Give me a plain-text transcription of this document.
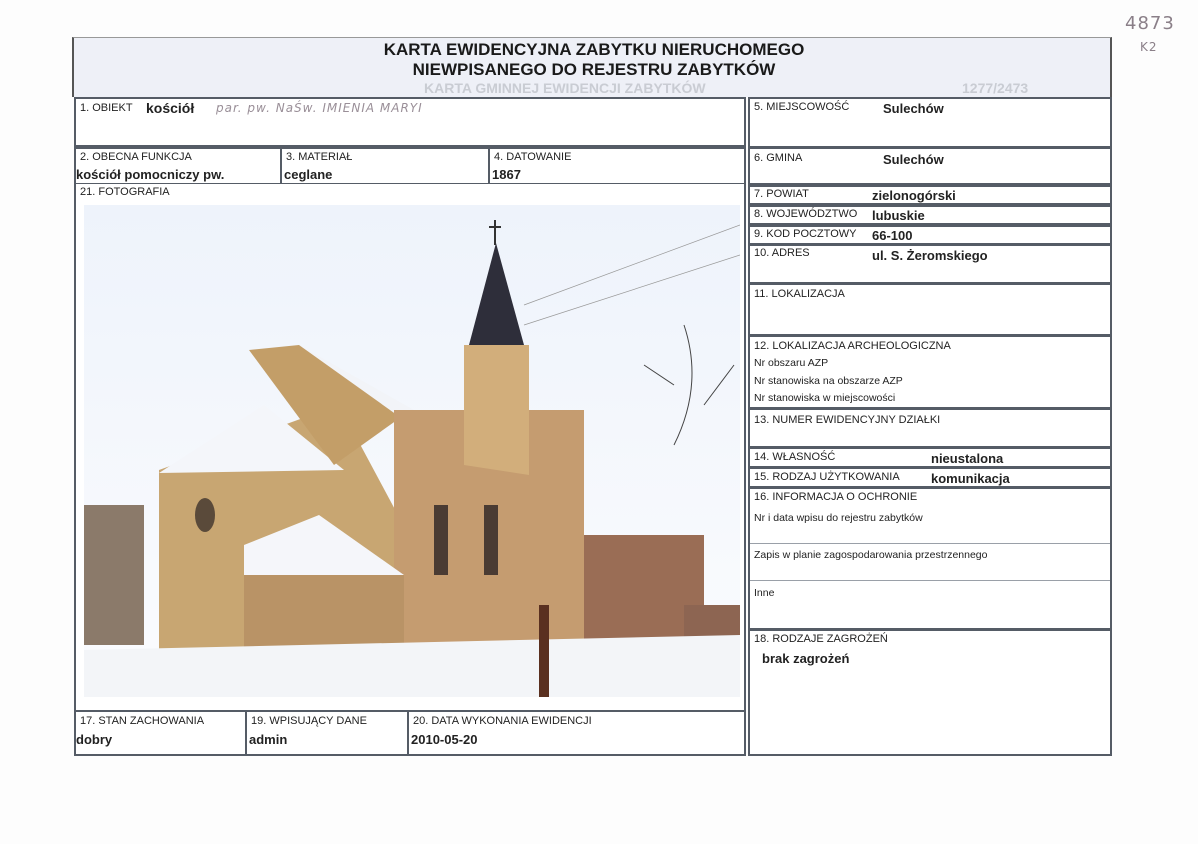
4873
K2
KARTA EWIDENCYJNA ZABYTKU NIERUCHOMEGO
NIEWPISANEGO DO REJESTRU ZABYTKÓW
KARTA GMINNEJ EWIDENCJI ZABYTKÓW	1277/2473
1. OBIEKT kościół par. pw. NaŚw. IMIENIA MARYI
2. OBECNA FUNKCJA
kościół pomocniczy pw.
3. MATERIAŁ
ceglane
4. DATOWANIE
1867
21. FOTOGRAFIA
17. STAN ZACHOWANIA
dobry
19. WPISUJĄCY DANE
admin
20. DATA WYKONANIA EWIDENCJI
2010-05-20
5. MIEJSCOWOŚĆ	Sulechów
6. GMINA	Sulechów
7. POWIAT	zielonogórski
8. WOJEWÓDZTWO lubuskie
9. KOD POCZTOWY 66-100
10. ADRES	ul. S. Żeromskiego
11. LOKALIZACJA
12. LOKALIZACJA ARCHEOLOGICZNA
Nr obszaru AZP
Nr stanowiska na obszarze AZP
Nr stanowiska w miejscowości
13. NUMER EWIDENCYJNY DZIAŁKI
14. WŁASNOŚĆ	nieustalona
15. RODZAJ UŻYTKOWANIA komunikacja
16. INFORMACJA O OCHRONIE
Nr i data wpisu do rejestru zabytków
Zapis w planie zagospodarowania przestrzennego
Inne
18. RODZAJE ZAGROŻEŃ
brak zagrożeń
